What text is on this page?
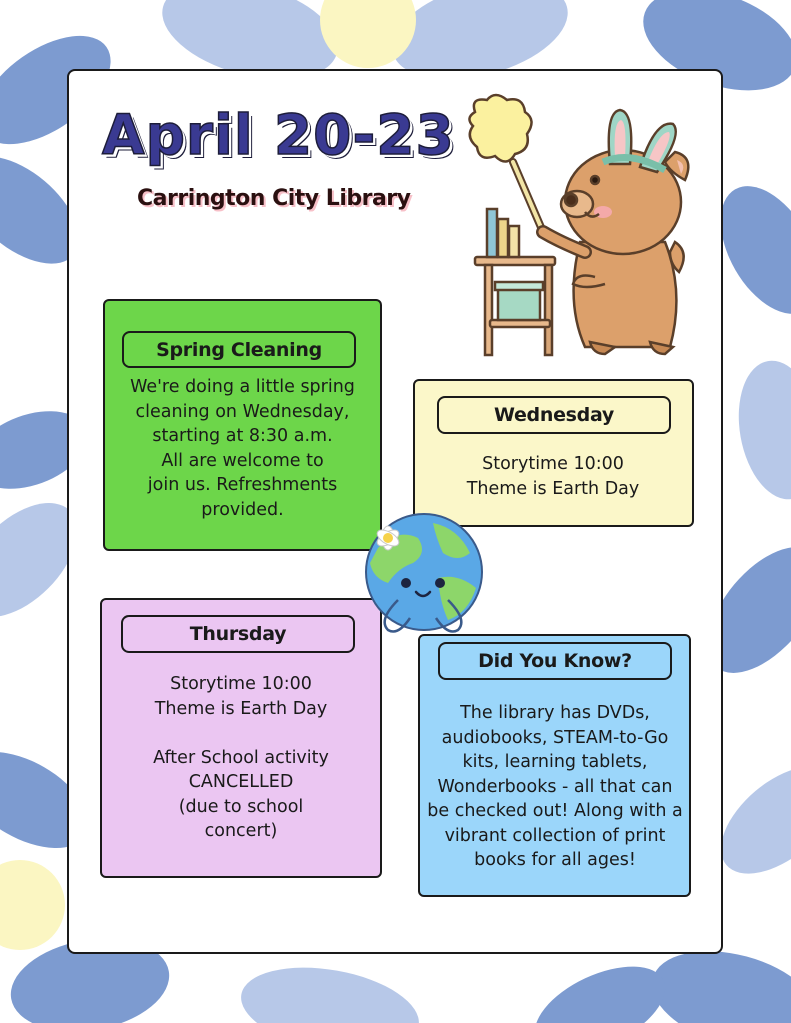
April 20-23
Carrington City Library
Spring Cleaning
We're doing a little spring
cleaning on Wednesday,
starting at 8:30 a.m.
All are welcome to
join us. Refreshments
provided.
Wednesday
Storytime 10:00
Theme is Earth Day
Thursday
Storytime 10:00
Theme is Earth Day

After School activity
CANCELLED
(due to school
concert)
Did You Know?
The library has DVDs,
audiobooks, STEAM-to-Go
kits, learning tablets,
Wonderbooks - all that can
be checked out! Along with a
vibrant collection of print
books for all ages!
